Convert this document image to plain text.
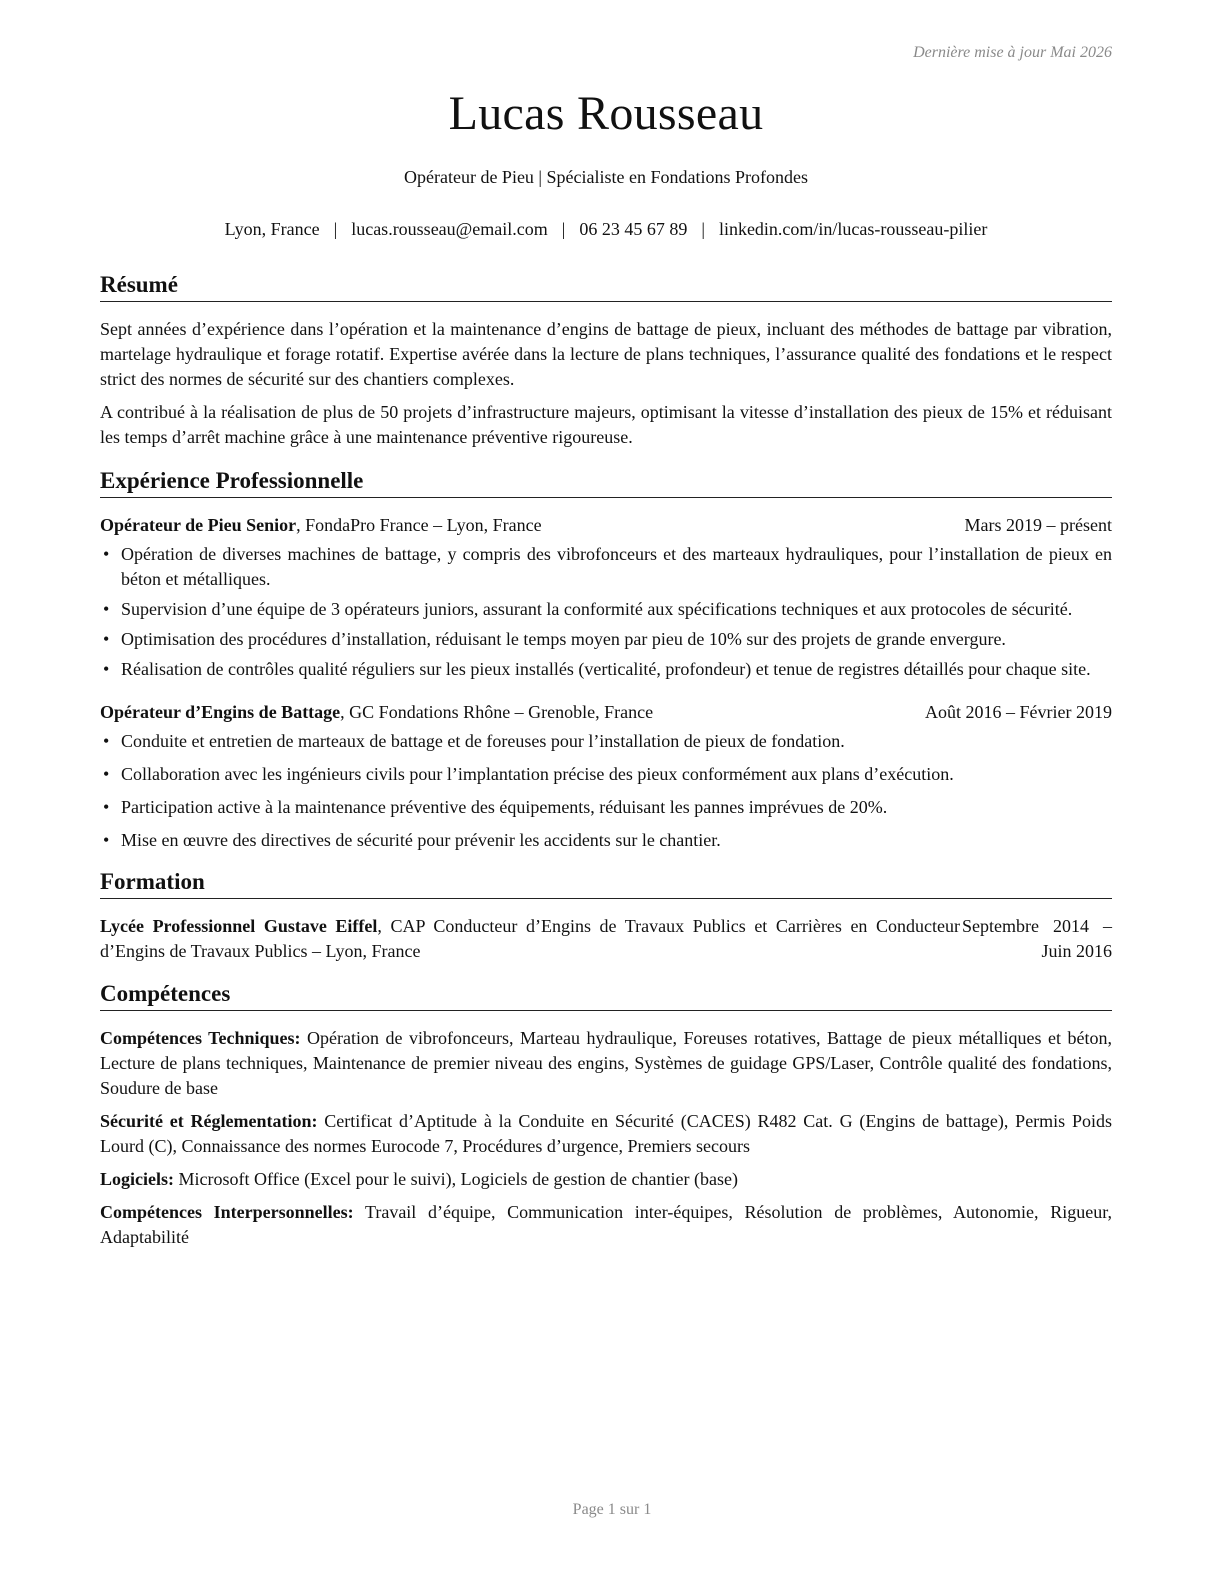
Dernière mise à jour Mai 2026
Lucas Rousseau
Opérateur de Pieu | Spécialiste en Fondations Profondes
Lyon, France | lucas.rousseau@email.com | 06 23 45 67 89 | linkedin.com/in/lucas-rousseau-pilier
Résumé

Sept années d’expérience dans l’opération et la maintenance d’engins de battage de pieux, incluant des méthodes de battage par vibration, martelage hydraulique et forage rotatif. Expertise avérée dans la lecture de plans techniques, l’assurance qualité des fondations et le respect strict des normes de sécurité sur des chantiers complexes.

A contribué à la réalisation de plus de 50 projets d’infrastructure majeurs, optimisant la vitesse d’installation des pieux de 15% et réduisant les temps d’arrêt machine grâce à une maintenance préventive rigoureuse.

Expérience Professionnelle
Opérateur de Pieu Senior, FondaPro France – Lyon, France	Mars 2019 – présent
• Opération de diverses machines de battage, y compris des vibrofonceurs et des marteaux hydrauliques, pour l’installation de pieux en béton et métalliques.
• Supervision d’une équipe de 3 opérateurs juniors, assurant la conformité aux spécifications techniques et aux protocoles de sécurité.
• Optimisation des procédures d’installation, réduisant le temps moyen par pieu de 10% sur des projets de grande envergure.
• Réalisation de contrôles qualité réguliers sur les pieux installés (verticalité, profondeur) et tenue de registres détaillés pour chaque site.
Opérateur d’Engins de Battage, GC Fondations Rhône – Grenoble, France	Août 2016 – Février 2019
• Conduite et entretien de marteaux de battage et de foreuses pour l’installation de pieux de fondation.
• Collaboration avec les ingénieurs civils pour l’implantation précise des pieux conformément aux plans d’exécution.
• Participation active à la maintenance préventive des équipements, réduisant les pannes imprévues de 20%.
• Mise en œuvre des directives de sécurité pour prévenir les accidents sur le chantier.
Formation
Lycée Professionnel Gustave Eiffel, CAP Conducteur d’Engins de Travaux Publics et Carrières en Conducteur d’Engins de Travaux Publics – Lyon, France
Septembre 2014 – Juin 2016
Compétences
Compétences Techniques: Opération de vibrofonceurs, Marteau hydraulique, Foreuses rotatives, Battage de pieux métalliques et béton, Lecture de plans techniques, Maintenance de premier niveau des engins, Systèmes de guidage GPS/Laser, Contrôle qualité des fondations, Soudure de base
Sécurité et Réglementation: Certificat d’Aptitude à la Conduite en Sécurité (CACES) R482 Cat. G (Engins de battage), Permis Poids Lourd (C), Connaissance des normes Eurocode 7, Procédures d’urgence, Premiers secours
Logiciels: Microsoft Office (Excel pour le suivi), Logiciels de gestion de chantier (base)
Compétences Interpersonnelles: Travail d’équipe, Communication inter-équipes, Résolution de problèmes, Autonomie, Rigueur, Adaptabilité
Page 1 sur 1
